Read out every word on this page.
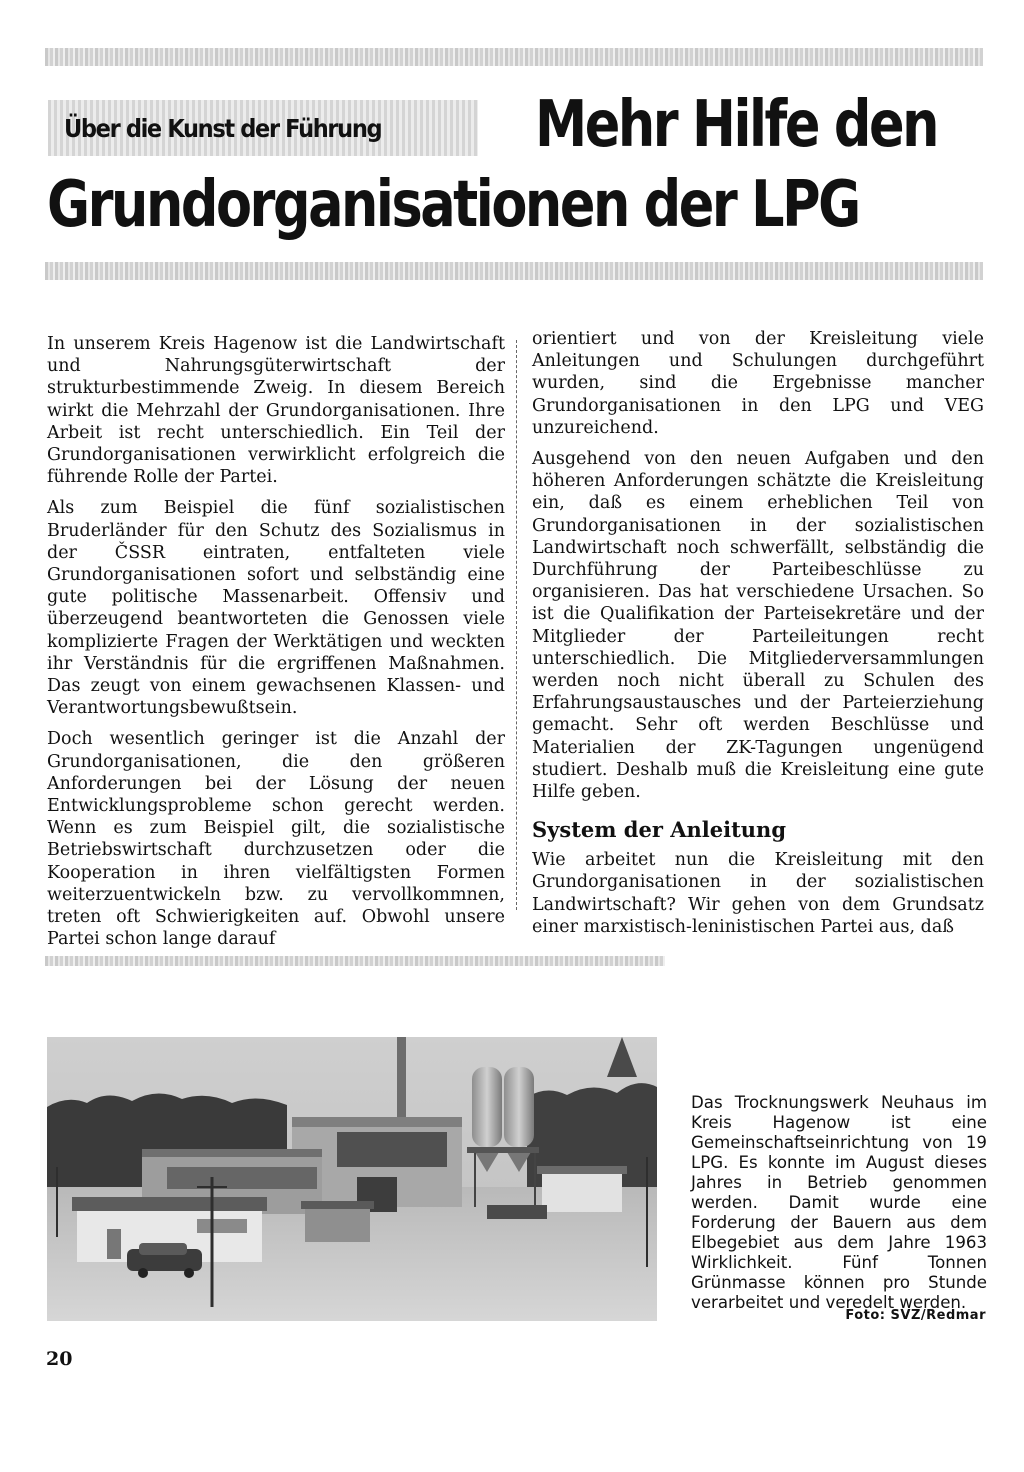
Über die Kunst der Führung Mehr Hilfe den
Grundorganisationen der LPG

In unserem Kreis Hagenow ist die Landwirtschaft und Nahrungsgüterwirtschaft der strukturbestimmende Zweig. In diesem Bereich wirkt die Mehrzahl der Grundorganisationen. Ihre Arbeit ist recht unterschiedlich. Ein Teil der Grundorganisationen verwirklicht erfolgreich die führende Rolle der Partei.

Als zum Beispiel die fünf sozialistischen Bruderländer für den Schutz des Sozialismus in der ČSSR eintraten, entfalteten viele Grundorganisationen sofort und selbständig eine gute politische Massenarbeit. Offensiv und überzeugend beantworteten die Genossen viele komplizierte Fragen der Werktätigen und weckten ihr Verständnis für die ergriffenen Maßnahmen. Das zeugt von einem gewachsenen Klassen- und Verantwortungsbewußtsein.

Doch wesentlich geringer ist die Anzahl der Grundorganisationen, die den größeren Anforderungen bei der Lösung der neuen Entwicklungsprobleme schon gerecht werden. Wenn es zum Beispiel gilt, die sozialistische Betriebswirtschaft durchzusetzen oder die Kooperation in ihren vielfältigsten Formen weiterzuentwickeln bzw. zu vervollkommnen, treten oft Schwierigkeiten auf. Obwohl unsere Partei schon lange darauf

orientiert und von der Kreisleitung viele Anleitungen und Schulungen durchgeführt wurden, sind die Ergebnisse mancher Grundorganisationen in den LPG und VEG unzureichend.

Ausgehend von den neuen Aufgaben und den höheren Anforderungen schätzte die Kreisleitung ein, daß es einem erheblichen Teil von Grundorganisationen in der sozialistischen Landwirtschaft noch schwerfällt, selbständig die Durchführung der Parteibeschlüsse zu organisieren. Das hat verschiedene Ursachen. So ist die Qualifikation der Parteisekretäre und der Mitglieder der Parteileitungen recht unterschiedlich. Die Mitgliederversammlungen werden noch nicht überall zu Schulen des Erfahrungsaustausches und der Parteierziehung gemacht. Sehr oft werden Beschlüsse und Materialien der ZK-Tagungen ungenügend studiert. Deshalb muß die Kreisleitung eine gute Hilfe geben.

System der Anleitung

Wie arbeitet nun die Kreisleitung mit den Grundorganisationen in der sozialistischen Landwirtschaft? Wir gehen von dem Grundsatz einer marxistisch-leninistischen Partei aus, daß

Das Trocknungswerk Neuhaus im Kreis Hagenow ist eine Gemeinschaftseinrichtung von 19 LPG. Es konnte im August dieses Jahres in Betrieb genommen werden. Damit wurde eine Forderung der Bauern aus dem Elbegebiet aus dem Jahre 1963 Wirklichkeit. Fünf Tonnen Grünmasse können pro Stunde verarbeitet und veredelt werden.
Foto: SVZ/Redmar
20
